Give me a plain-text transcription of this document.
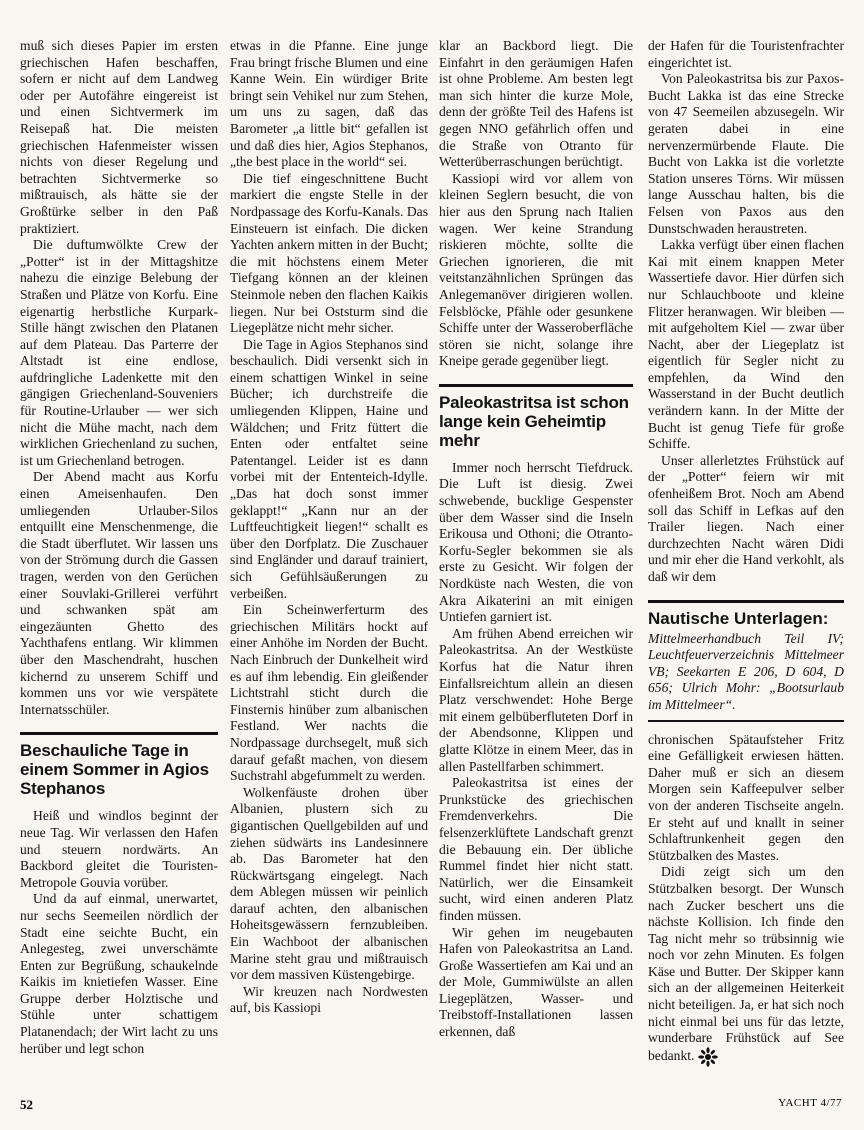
muß sich dieses Papier im ersten griechischen Hafen beschaffen, sofern er nicht auf dem Landweg oder per Autofähre eingereist ist und einen Sichtvermerk im Reisepaß hat. Die meisten griechischen Hafenmeister wissen nichts von dieser Regelung und betrachten Sichtvermerke so mißtrauisch, als hätte sie der Großtürke selber in den Paß praktiziert.

Die duftumwölkte Crew der „Potter“ ist in der Mittagshitze nahezu die einzige Belebung der Straßen und Plätze von Korfu. Eine eigenartig herbstliche Kurpark-Stille hängt zwischen den Platanen auf dem Plateau. Das Parterre der Altstadt ist eine endlose, aufdringliche Ladenkette mit den gängigen Griechenland-Souveniers für Routine-Urlauber — wer sich nicht die Mühe macht, nach dem wirklichen Griechenland zu suchen, ist um Griechenland betrogen.

Der Abend macht aus Korfu einen Ameisenhaufen. Den umliegenden Urlauber-Silos entquillt eine Menschenmenge, die die Stadt überflutet. Wir lassen uns von der Strömung durch die Gassen tragen, werden von den Gerüchen einer Souvlaki-Grillerei verführt und schwanken spät am eingezäunten Ghetto des Yachthafens entlang. Wir klimmen über den Maschendraht, huschen kichernd zu unserem Schiff und kommen uns vor wie verspätete Internatsschüler.

Beschauliche Tage in einem Sommer in Agios Stephanos

Heiß und windlos beginnt der neue Tag. Wir verlassen den Hafen und steuern nordwärts. An Backbord gleitet die Touristen-Metropole Gouvia vorüber.

Und da auf einmal, unerwartet, nur sechs Seemeilen nördlich der Stadt eine seichte Bucht, ein Anlegesteg, zwei unverschämte Enten zur Begrüßung, schaukelnde Kaikis im knietiefen Wasser. Eine Gruppe derber Holztische und Stühle unter schattigem Platanendach; der Wirt lacht zu uns herüber und legt schon

etwas in die Pfanne. Eine junge Frau bringt frische Blumen und eine Kanne Wein. Ein würdiger Brite bringt sein Vehikel nur zum Stehen, um uns zu sagen, daß das Barometer „a little bit“ gefallen ist und daß dies hier, Agios Stephanos, „the best place in the world“ sei.

Die tief eingeschnittene Bucht markiert die engste Stelle in der Nordpassage des Korfu-Kanals. Das Einsteuern ist einfach. Die dicken Yachten ankern mitten in der Bucht; die mit höchstens einem Meter Tiefgang können an der kleinen Steinmole neben den flachen Kaikis liegen. Nur bei Oststurm sind die Liegeplätze nicht mehr sicher.

Die Tage in Agios Stephanos sind beschaulich. Didi versenkt sich in einem schattigen Winkel in seine Bücher; ich durchstreife die umliegenden Klippen, Haine und Wäldchen; und Fritz füttert die Enten oder entfaltet seine Patentangel. Leider ist es dann vorbei mit der Ententeich-Idylle. „Das hat doch sonst immer geklappt!“ „Kann nur an der Luftfeuchtigkeit liegen!“ schallt es über den Dorfplatz. Die Zuschauer sind Engländer und darauf trainiert, sich Gefühlsäußerungen zu verbeißen.

Ein Scheinwerferturm des griechischen Militärs hockt auf einer Anhöhe im Norden der Bucht. Nach Einbruch der Dunkelheit wird es auf ihm lebendig. Ein gleißender Lichtstrahl sticht durch die Finsternis hinüber zum albanischen Festland. Wer nachts die Nordpassage durchsegelt, muß sich darauf gefaßt machen, von diesem Suchstrahl abgefummelt zu werden.

Wolkenfäuste drohen über Albanien, plustern sich zu gigantischen Quellgebilden auf und ziehen südwärts ins Landesinnere ab. Das Barometer hat den Rückwärtsgang eingelegt. Nach dem Ablegen müssen wir peinlich darauf achten, den albanischen Hoheitsgewässern fernzubleiben. Ein Wachboot der albanischen Marine steht grau und mißtrauisch vor dem massiven Küstengebirge.

Wir kreuzen nach Nordwesten auf, bis Kassiopi

klar an Backbord liegt. Die Einfahrt in den geräumigen Hafen ist ohne Probleme. Am besten legt man sich hinter die kurze Mole, denn der größte Teil des Hafens ist gegen NNO gefährlich offen und die Straße von Otranto für Wetterüberraschungen berüchtigt.

Kassiopi wird vor allem von kleinen Seglern besucht, die von hier aus den Sprung nach Italien wagen. Wer keine Strandung riskieren möchte, sollte die Griechen ignorieren, die mit veitstanzähnlichen Sprüngen das Anlegemanöver dirigieren wollen. Felsblöcke, Pfähle oder gesunkene Schiffe unter der Wasseroberfläche stören sie nicht, solange ihre Kneipe gerade gegenüber liegt.

Paleokastritsa ist schon lange kein Geheimtip mehr

Immer noch herrscht Tiefdruck. Die Luft ist diesig. Zwei schwebende, bucklige Gespenster über dem Wasser sind die Inseln Erikousa und Othoni; die Otranto-Korfu-Segler bekommen sie als erste zu Gesicht. Wir folgen der Nordküste nach Westen, die von Akra Aikaterini an mit einigen Untiefen garniert ist.

Am frühen Abend erreichen wir Paleokastritsa. An der Westküste Korfus hat die Natur ihren Einfallsreichtum allein an diesen Platz verschwendet: Hohe Berge mit einem gelbüberfluteten Dorf in der Abendsonne, Klippen und glatte Klötze in einem Meer, das in allen Pastellfarben schimmert.

Paleokastritsa ist eines der Prunkstücke des griechischen Fremdenverkehrs. Die felsenzerklüftete Landschaft grenzt die Bebauung ein. Der übliche Rummel findet hier nicht statt. Natürlich, wer die Einsamkeit sucht, wird einen anderen Platz finden müssen.

Wir gehen im neugebauten Hafen von Paleokastritsa an Land. Große Wassertiefen am Kai und an der Mole, Gummiwülste an allen Liegeplätzen, Wasser- und Treibstoff-Installationen lassen erkennen, daß

der Hafen für die Touristenfrachter eingerichtet ist.

Von Paleokastritsa bis zur Paxos-Bucht Lakka ist das eine Strecke von 47 Seemeilen abzusegeln. Wir geraten dabei in eine nervenzermürbende Flaute. Die Bucht von Lakka ist die vorletzte Station unseres Törns. Wir müssen lange Ausschau halten, bis die Felsen von Paxos aus den Dunstschwaden heraustreten.

Lakka verfügt über einen flachen Kai mit einem knappen Meter Wassertiefe davor. Hier dürfen sich nur Schlauchboote und kleine Flitzer heranwagen. Wir bleiben — mit aufgeholtem Kiel — zwar über Nacht, aber der Liegeplatz ist eigentlich für Segler nicht zu empfehlen, da Wind den Wasserstand in der Bucht deutlich verändern kann. In der Mitte der Bucht ist genug Tiefe für große Schiffe.

Unser allerletztes Frühstück auf der „Potter“ feiern wir mit ofenheißem Brot. Noch am Abend soll das Schiff in Lefkas auf den Trailer liegen. Nach einer durchzechten Nacht wären Didi und mir eher die Hand verkohlt, als daß wir dem

Nautische Unterlagen:

Mittelmeerhandbuch Teil IV; Leuchtfeuerverzeichnis Mittelmeer VB; Seekarten E 206, D 604, D 656; Ulrich Mohr: „Bootsurlaub im Mittelmeer“.

chronischen Spätaufsteher Fritz eine Gefälligkeit erwiesen hätten. Daher muß er sich an diesem Morgen sein Kaffeepulver selber von der anderen Tischseite angeln. Er steht auf und knallt in seiner Schlaftrunkenheit gegen den Stützbalken des Mastes.

Didi zeigt sich um den Stützbalken besorgt. Der Wunsch nach Zucker beschert uns die nächste Kollision. Ich finde den Tag nicht mehr so trübsinnig wie noch vor zehn Minuten. Es folgen Käse und Butter. Der Skipper kann sich an der allgemeinen Heiterkeit nicht beteiligen. Ja, er hat sich noch nicht einmal bei uns für das letzte, wunderbare Frühstück auf See bedankt.

52	YACHT 4/77
